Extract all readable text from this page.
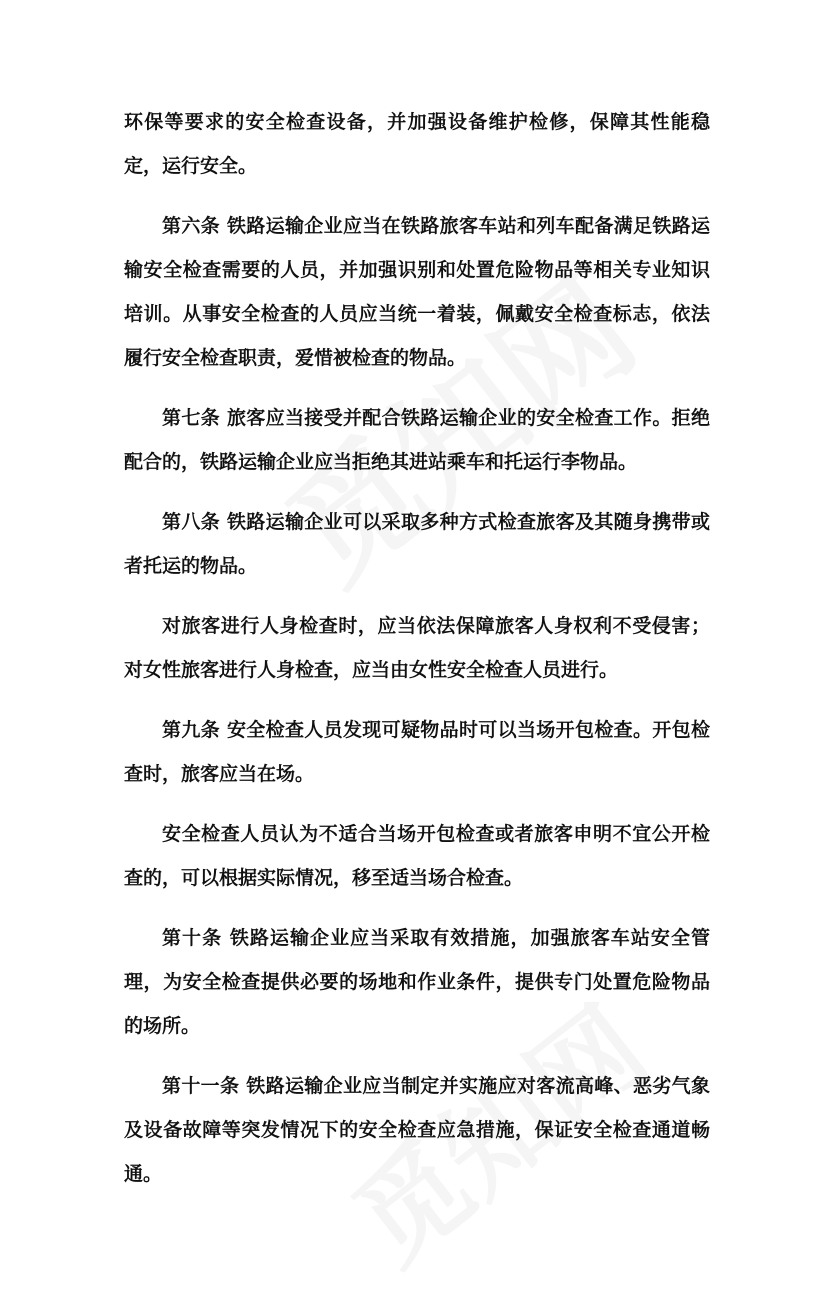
环保等要求的安全检查设备，并加强设备维护检修，保障其性能稳定，运行安全。

第六条 铁路运输企业应当在铁路旅客车站和列车配备满足铁路运输安全检查需要的人员，并加强识别和处置危险物品等相关专业知识培训。从事安全检查的人员应当统一着装，佩戴安全检查标志，依法履行安全检查职责，爱惜被检查的物品。

第七条 旅客应当接受并配合铁路运输企业的安全检查工作。拒绝配合的，铁路运输企业应当拒绝其进站乘车和托运行李物品。

第八条 铁路运输企业可以采取多种方式检查旅客及其随身携带或者托运的物品。

对旅客进行人身检查时，应当依法保障旅客人身权利不受侵害；对女性旅客进行人身检查，应当由女性安全检查人员进行。

第九条 安全检查人员发现可疑物品时可以当场开包检查。开包检查时，旅客应当在场。

安全检查人员认为不适合当场开包检查或者旅客申明不宜公开检查的，可以根据实际情况，移至适当场合检查。

第十条 铁路运输企业应当采取有效措施，加强旅客车站安全管理，为安全检查提供必要的场地和作业条件，提供专门处置危险物品的场所。

第十一条 铁路运输企业应当制定并实施应对客流高峰、恶劣气象及设备故障等突发情况下的安全检查应急措施，保证安全检查通道畅通。
